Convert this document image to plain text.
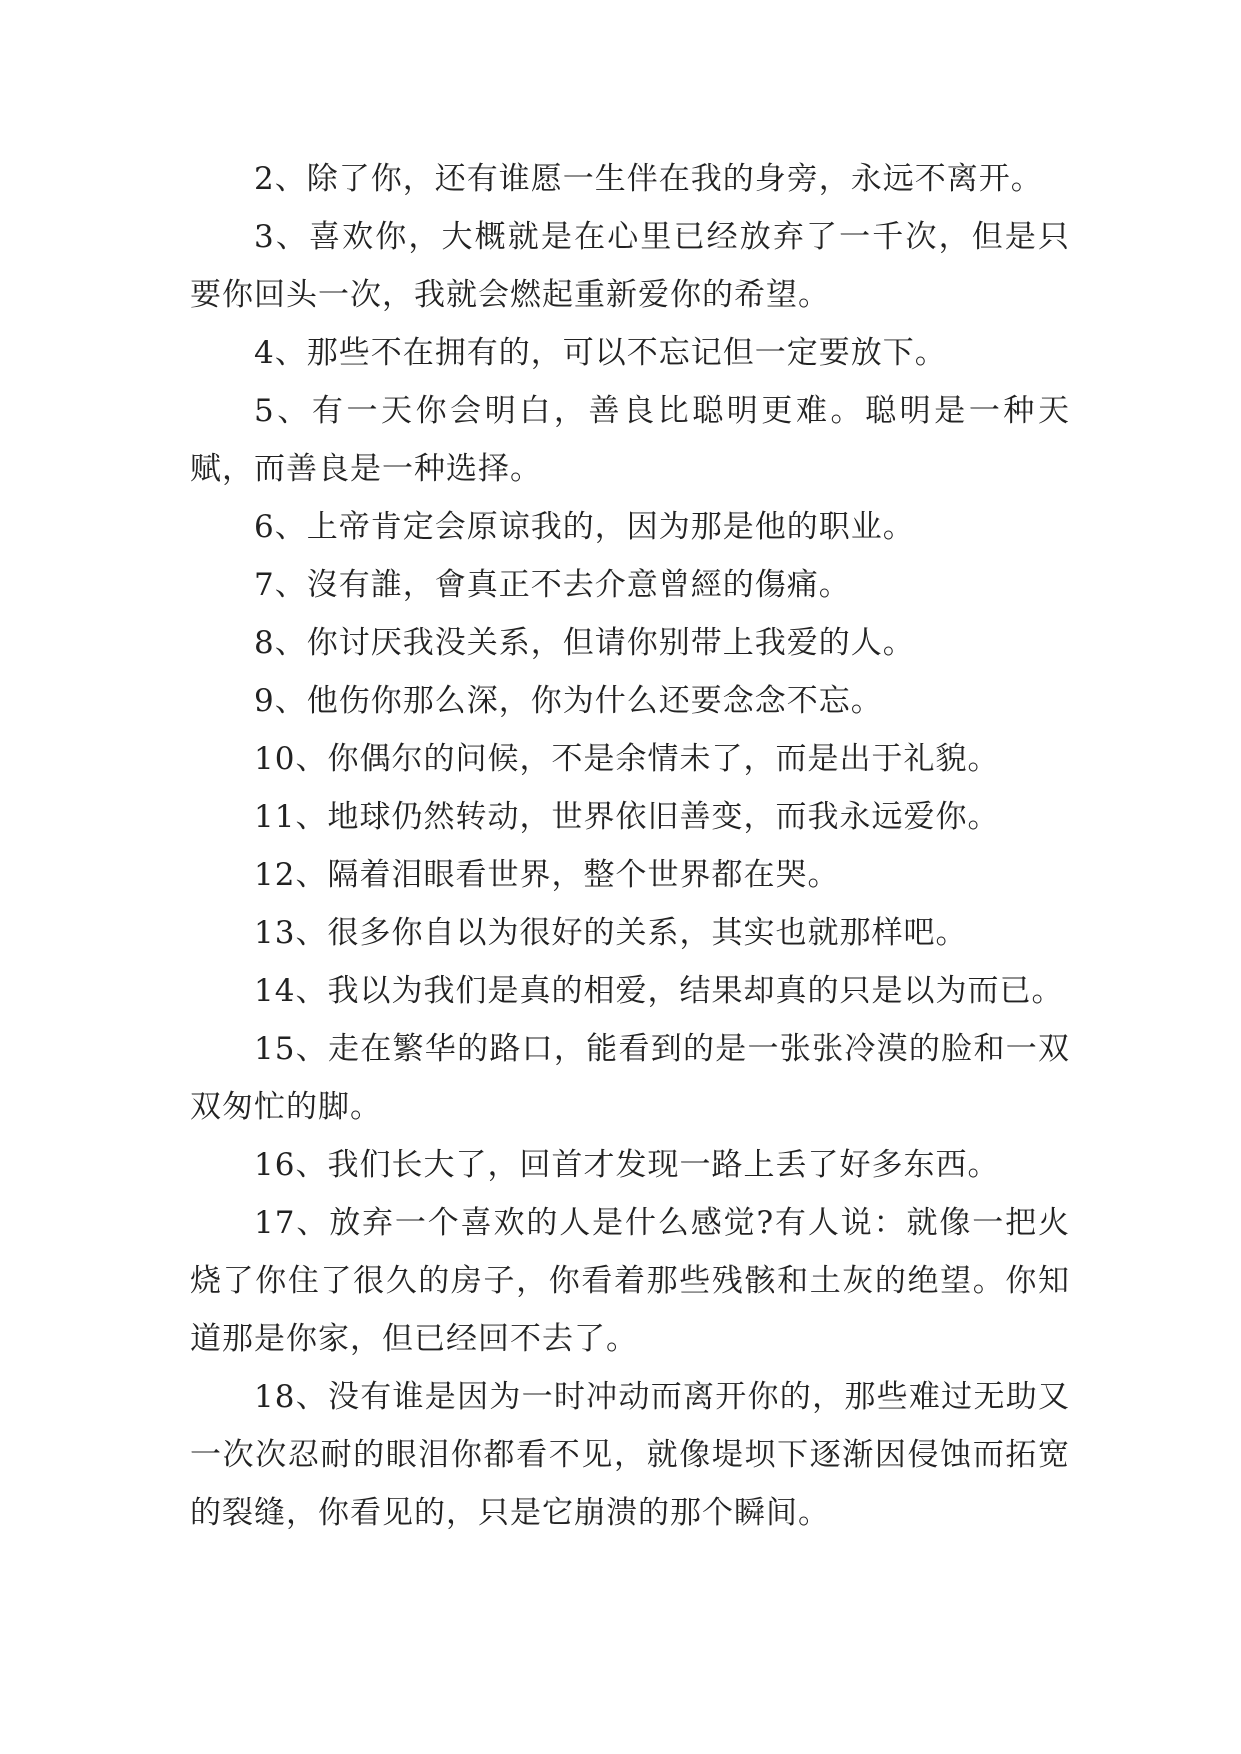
2、除了你，还有谁愿一生伴在我的身旁，永远不离开。

3、喜欢你，大概就是在心里已经放弃了一千次，但是只要你回头一次，我就会燃起重新爱你的希望。

4、那些不在拥有的，可以不忘记但一定要放下。

5、有一天你会明白，善良比聪明更难。聪明是一种天赋，而善良是一种选择。

6、上帝肯定会原谅我的，因为那是他的职业。

7、沒有誰，會真正不去介意曾經的傷痛。

8、你讨厌我没关系，但请你别带上我爱的人。

9、他伤你那么深，你为什么还要念念不忘。

10、你偶尔的问候，不是余情未了，而是出于礼貌。

11、地球仍然转动，世界依旧善变，而我永远爱你。

12、隔着泪眼看世界，整个世界都在哭。

13、很多你自以为很好的关系，其实也就那样吧。

14、我以为我们是真的相爱，结果却真的只是以为而已。

15、走在繁华的路口，能看到的是一张张冷漠的脸和一双双匆忙的脚。

16、我们长大了，回首才发现一路上丢了好多东西。

17、放弃一个喜欢的人是什么感觉?有人说：就像一把火烧了你住了很久的房子，你看着那些残骸和土灰的绝望。你知道那是你家，但已经回不去了。

18、没有谁是因为一时冲动而离开你的，那些难过无助又一次次忍耐的眼泪你都看不见，就像堤坝下逐渐因侵蚀而拓宽的裂缝，你看见的，只是它崩溃的那个瞬间。
